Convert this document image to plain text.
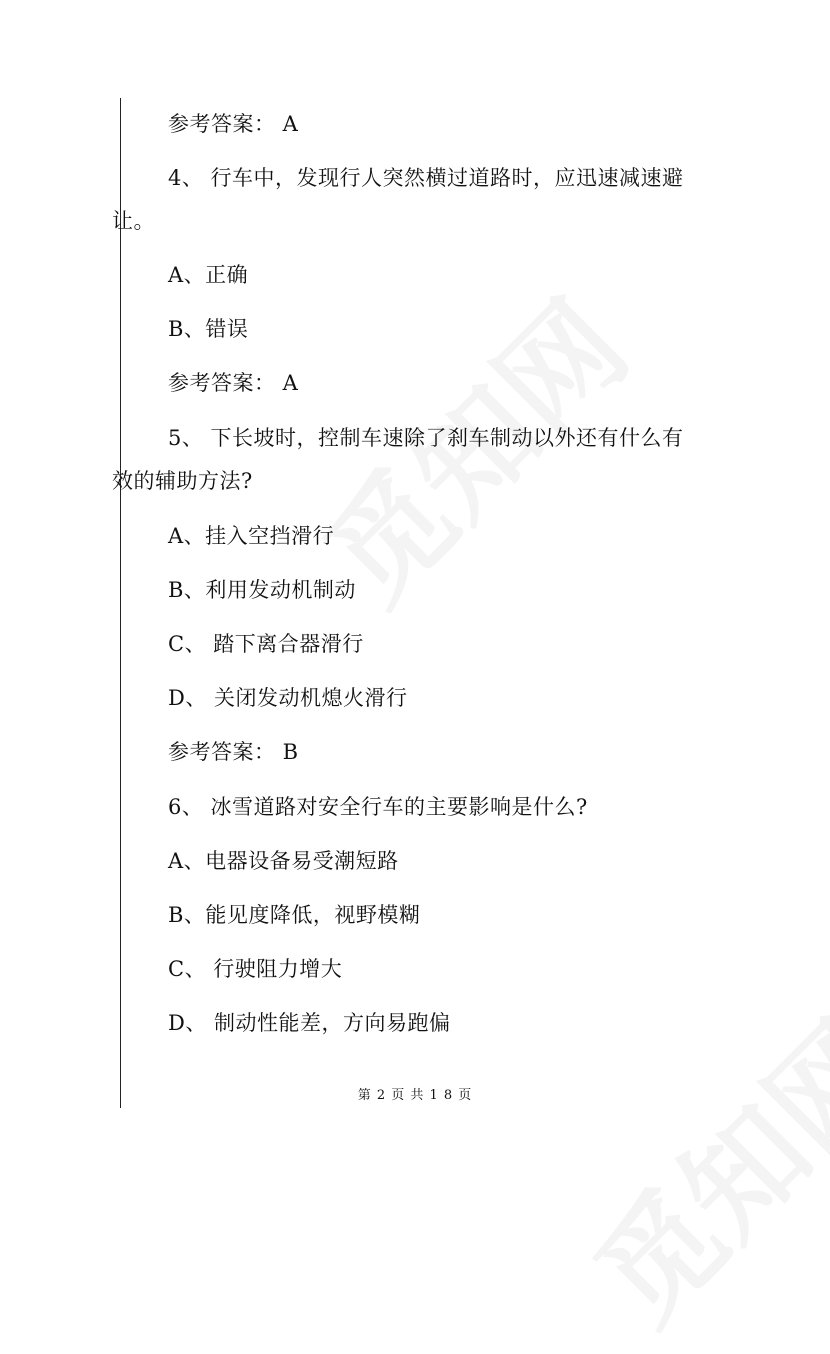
参考答案： A
4、 行车中，发现行人突然横过道路时，应迅速减速避
让。
A、正确
B、错误
参考答案： A
5、 下长坡时，控制车速除了刹车制动以外还有什么有
效的辅助方法?
A、挂入空挡滑行
B、利用发动机制动
C、 踏下离合器滑行
D、 关闭发动机熄火滑行
参考答案： B
6、 冰雪道路对安全行车的主要影响是什么?
A、电器设备易受潮短路
B、能见度降低，视野模糊
C、 行驶阻力增大
D、 制动性能差，方向易跑偏
第 2 页 共 1 8 页
